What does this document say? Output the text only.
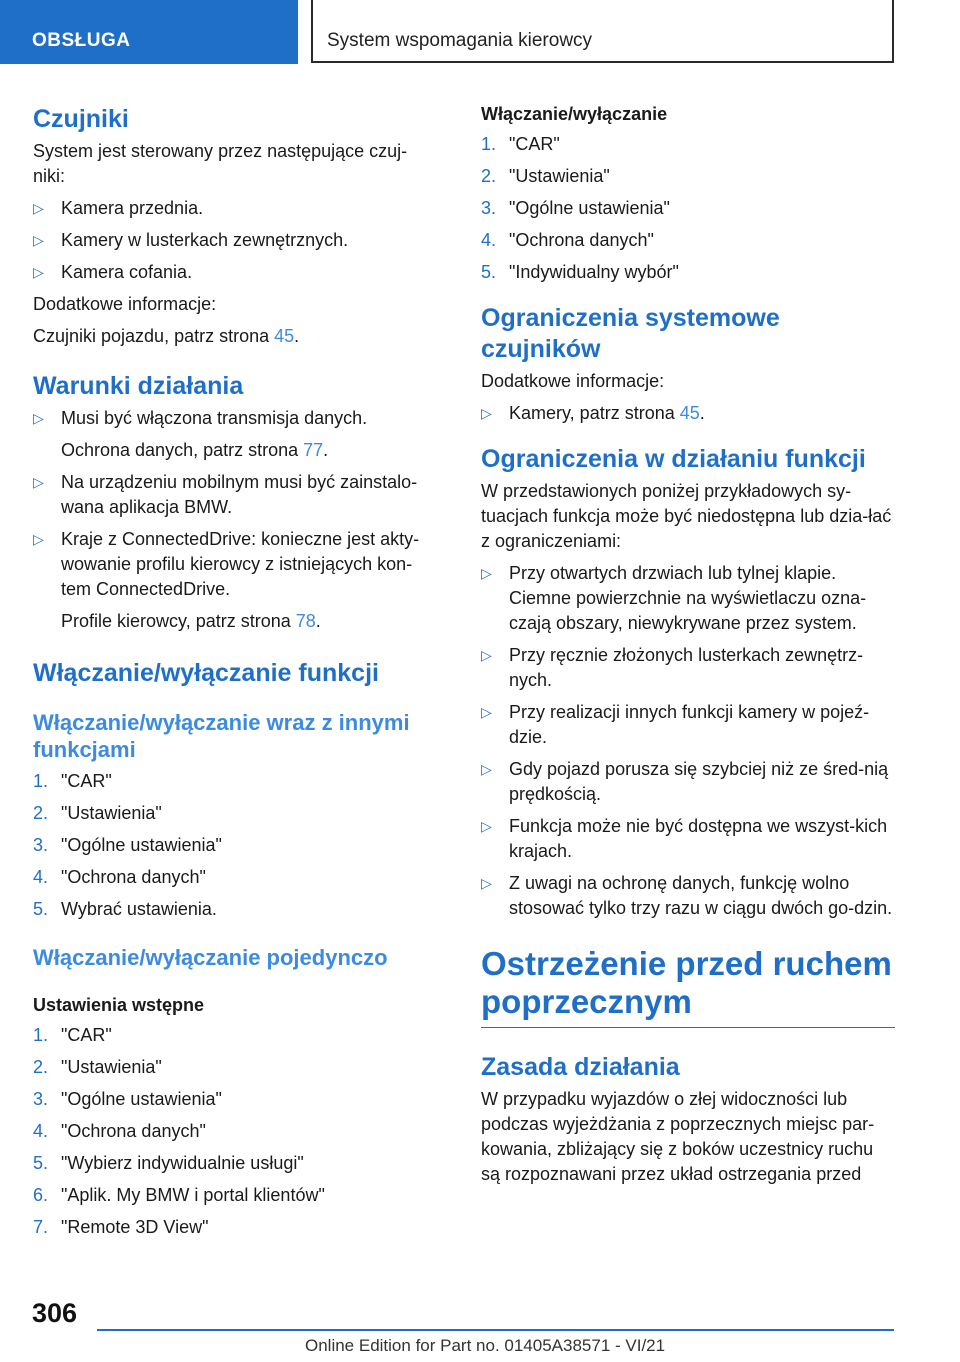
OBSŁUGA	System wspomagania kierowcy
Czujniki

System jest sterowany przez następujące czuj-niki:

▷ Kamera przednia.
▷ Kamery w lusterkach zewnętrznych.
▷ Kamera cofania.

Dodatkowe informacje:

Czujniki pojazdu, patrz strona 45.

Warunki działania
▷ Musi być włączona transmisja danych.
Ochrona danych, patrz strona 77.
▷ Na urządzeniu mobilnym musi być zainstalo-wana aplikacja BMW.
▷ Kraje z ConnectedDrive: konieczne jest akty-wowanie profilu kierowcy z istniejących kon-tem ConnectedDrive.
Profile kierowcy, patrz strona 78.
Włączanie/wyłączanie funkcji
Włączanie/wyłączanie wraz z innymi funkcjami
1. "CAR"
2. "Ustawienia"
3. "Ogólne ustawienia"
4. "Ochrona danych"
5. Wybrać ustawienia.
Włączanie/wyłączanie pojedynczo
Ustawienia wstępne
1. "CAR"
2. "Ustawienia"
3. "Ogólne ustawienia"
4. "Ochrona danych"
5. "Wybierz indywidualnie usługi"
6. "Aplik. My BMW i portal klientów"
7. "Remote 3D View"
Włączanie/wyłączanie
1. "CAR"
2. "Ustawienia"
3. "Ogólne ustawienia"
4. "Ochrona danych"
5. "Indywidualny wybór"
Ograniczenia systemowe czujników

Dodatkowe informacje:

▷ Kamery, patrz strona 45.
Ograniczenia w działaniu funkcji

W przedstawionych poniżej przykładowych sy-tuacjach funkcja może być niedostępna lub dzia-łać z ograniczeniami:

▷ Przy otwartych drzwiach lub tylnej klapie. Ciemne powierzchnie na wyświetlaczu ozna-czają obszary, niewykrywane przez system.
▷ Przy ręcznie złożonych lusterkach zewnętrz-nych.
▷ Przy realizacji innych funkcji kamery w pojeź-dzie.
▷ Gdy pojazd porusza się szybciej niż ze śred-nią prędkością.
▷ Funkcja może nie być dostępna we wszyst-kich krajach.
▷ Z uwagi na ochronę danych, funkcję wolno stosować tylko trzy razu w ciągu dwóch go-dzin.
Ostrzeżenie przed ruchem poprzecznym
Zasada działania

W przypadku wyjazdów o złej widoczności lub podczas wyjeżdżania z poprzecznych miejsc par-kowania, zbliżający się z boków uczestnicy ruchu są rozpoznawani przez układ ostrzegania przed

306
Online Edition for Part no. 01405A38571 - VI/21
